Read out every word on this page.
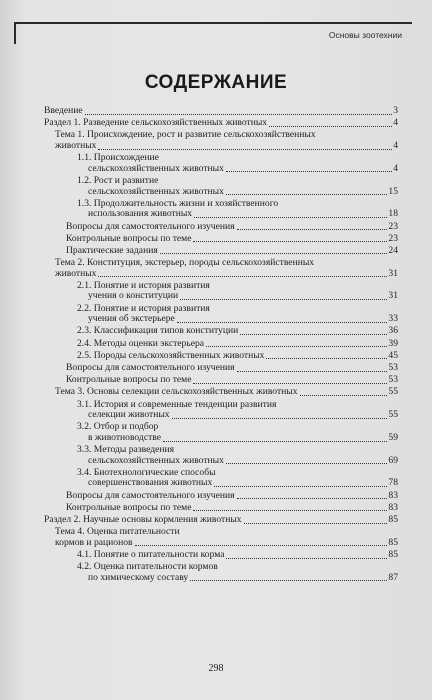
Основы зоотехнии
СОДЕРЖАНИЕ
Введение	3
Раздел 1. Разведение сельскохозяйственных животных	4
Тема 1. Происхождение, рост и развитие сельскохозяйственных
животных	4
1.1. Происхождение
сельскохозяйственных животных	4
1.2. Рост и развитие
сельскохозяйственных животных	15
1.3. Продолжительность жизни и хозяйственного
использования животных	18
Вопросы для самостоятельного изучения	23
Контрольные вопросы по теме	23
Практические задания	24
Тема 2. Конституция, экстерьер, породы сельскохозяйственных
животных	31
2.1. Понятие и история развития
учения о конституции	31
2.2. Понятие и история развития
учения об экстерьере	33
2.3. Классификация типов конституции	36
2.4. Методы оценки экстерьера	39
2.5. Породы сельскохозяйственных животных	45
Вопросы для самостоятельного изучения	53
Контрольные вопросы по теме	53
Тема 3. Основы селекции сельскохозяйственных животных	55
3.1. История и современные тенденции развития
селекции животных	55
3.2. Отбор и подбор
в животноводстве	59
3.3. Методы разведения
сельскохозяйственных животных	69
3.4. Биотехнологические способы
совершенствования животных	78
Вопросы для самостоятельного изучения	83
Контрольные вопросы по теме	83
Раздел 2. Научные основы кормления животных	85
Тема 4. Оценка питательности
кормов и рационов	85
4.1. Понятие о питательности корма	85
4.2. Оценка питательности кормов
по химическому составу	87
298
